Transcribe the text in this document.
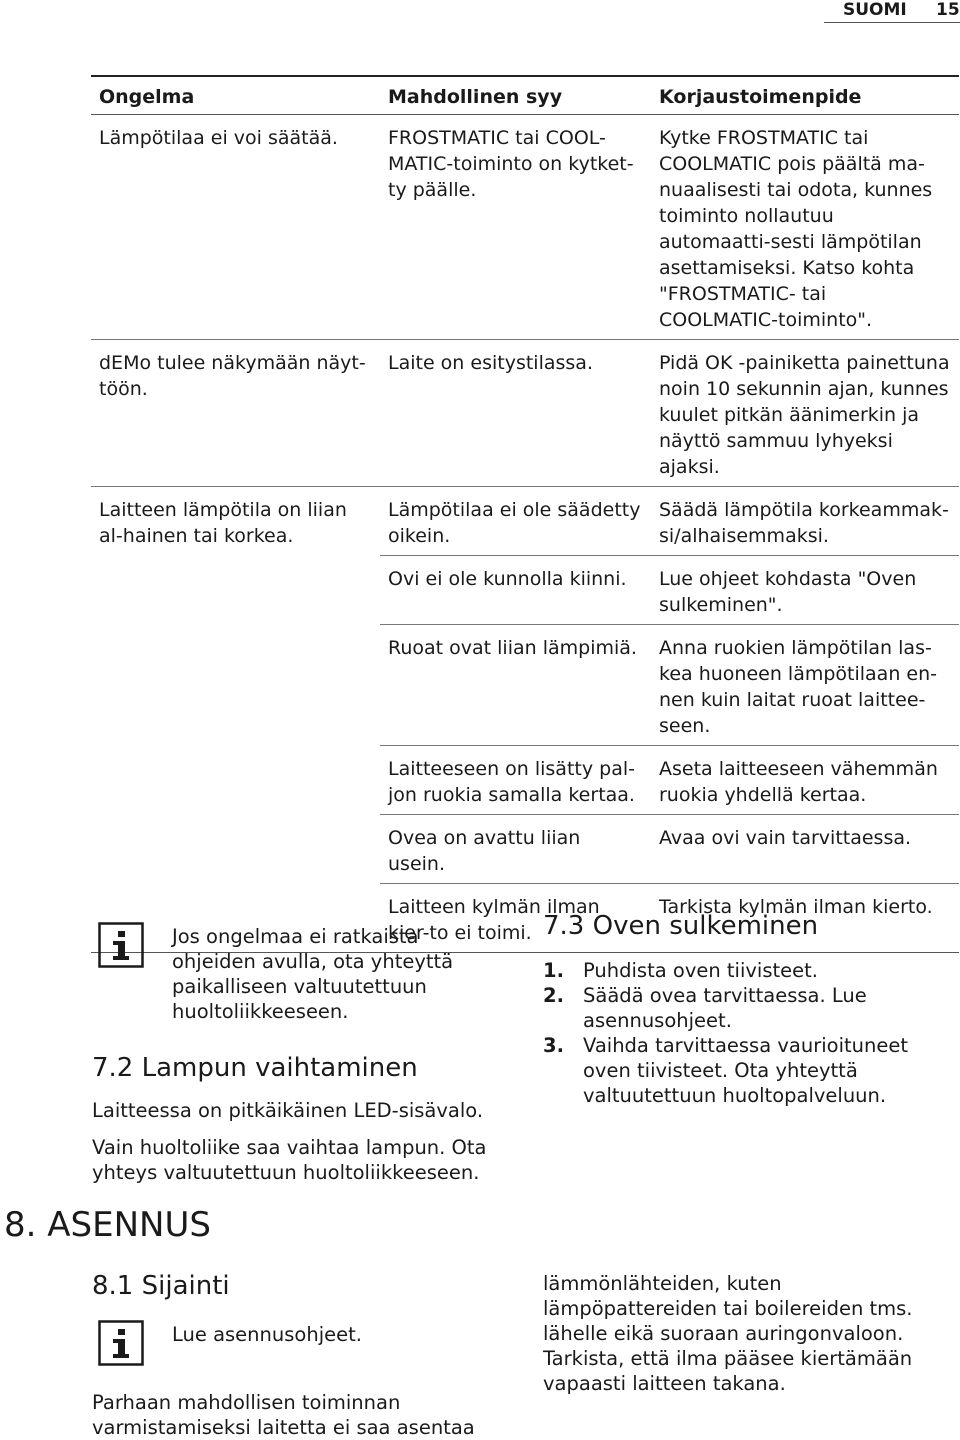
SUOMI 15
Ongelma	Mahdollinen syy	Korjaustoimenpide
Lämpötilaa ei voi säätää.	FROSTMATIC tai COOL-MATIC-toiminto on kytket-ty päälle.	Kytke FROSTMATIC tai COOLMATIC pois päältä ma-nuaalisesti tai odota, kunnes toiminto nollautuu automaatti-sesti lämpötilan asettamiseksi. Katso kohta "FROSTMATIC- tai COOLMATIC-toiminto".
dEMo tulee näkymään näyt-töön.	Laite on esitystilassa.	Pidä OK -painiketta painettuna noin 10 sekunnin ajan, kunnes kuulet pitkän äänimerkin ja näyttö sammuu lyhyeksi ajaksi.
Laitteen lämpötila on liian al-hainen tai korkea.	Lämpötilaa ei ole säädetty oikein.	Säädä lämpötila korkeammak-si/alhaisemmaksi.
	Ovi ei ole kunnolla kiinni.	Lue ohjeet kohdasta "Oven sulkeminen".
	Ruoat ovat liian lämpimiä.	Anna ruokien lämpötilan las-kea huoneen lämpötilaan en-nen kuin laitat ruoat laittee-seen.
	Laitteeseen on lisätty pal-jon ruokia samalla kertaa.	Aseta laitteeseen vähemmän ruokia yhdellä kertaa.
	Ovea on avattu liian usein.	Avaa ovi vain tarvittaessa.
	Laitteen kylmän ilman kier-to ei toimi.	Tarkista kylmän ilman kierto.
Jos ongelmaa ei ratkaista ohjeiden avulla, ota yhteyttä paikalliseen valtuutettuun huoltoliikkeeseen.
7.2 Lampun vaihtaminen
Laitteessa on pitkäikäinen LED-sisävalo.
Vain huoltoliike saa vaihtaa lampun. Ota yhteys valtuutettuun huoltoliikkeeseen.
7.3 Oven sulkeminen
1. Puhdista oven tiivisteet.
2. Säädä ovea tarvittaessa. Lue asennusohjeet.
3. Vaihda tarvittaessa vaurioituneet oven tiivisteet. Ota yhteyttä valtuutettuun huoltopalveluun.
8. ASENNUS
8.1 Sijainti
Lue asennusohjeet.
Parhaan mahdollisen toiminnan varmistamiseksi laitetta ei saa asentaa
lämmönlähteiden, kuten lämpöpattereiden tai boilereiden tms. lähelle eikä suoraan auringonvaloon. Tarkista, että ilma pääsee kiertämään vapaasti laitteen takana.
